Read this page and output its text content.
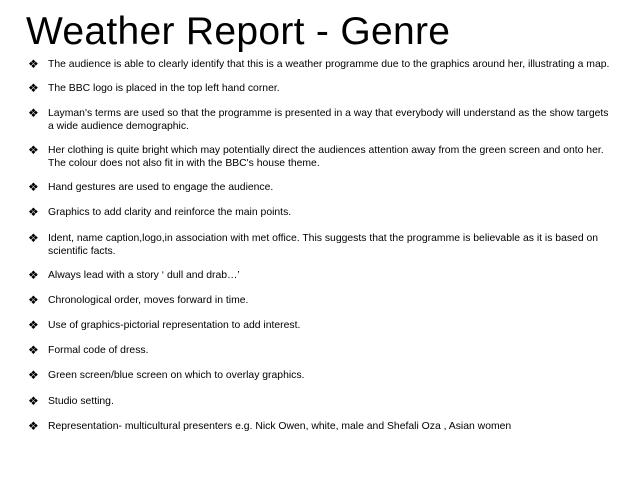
Weather Report - Genre
❖ The audience is able to clearly identify that this is a weather programme due to the graphics around her, illustrating a map.
❖ The BBC logo is placed in the top left hand corner.
❖ Layman's terms are used so that the programme is presented in a way that everybody will understand as the show targets a wide audience demographic.
❖ Her clothing is quite bright which may potentially direct the audiences attention away from the green screen and onto her. The colour does not also fit in with the BBC's house theme.
❖ Hand gestures are used to engage the audience.
❖ Graphics to add clarity and reinforce the main points.
❖ Ident, name caption,logo,in association with met office. This suggests that the programme is believable as it is based on scientific facts.
❖ Always lead with a story ‘ dull and drab…’
❖ Chronological order, moves forward in time.
❖ Use of graphics-pictorial representation to add interest.
❖ Formal code of dress.
❖ Green screen/blue screen on which to overlay graphics.
❖ Studio setting.
❖ Representation- multicultural presenters e.g. Nick Owen, white, male and Shefali Oza , Asian women
